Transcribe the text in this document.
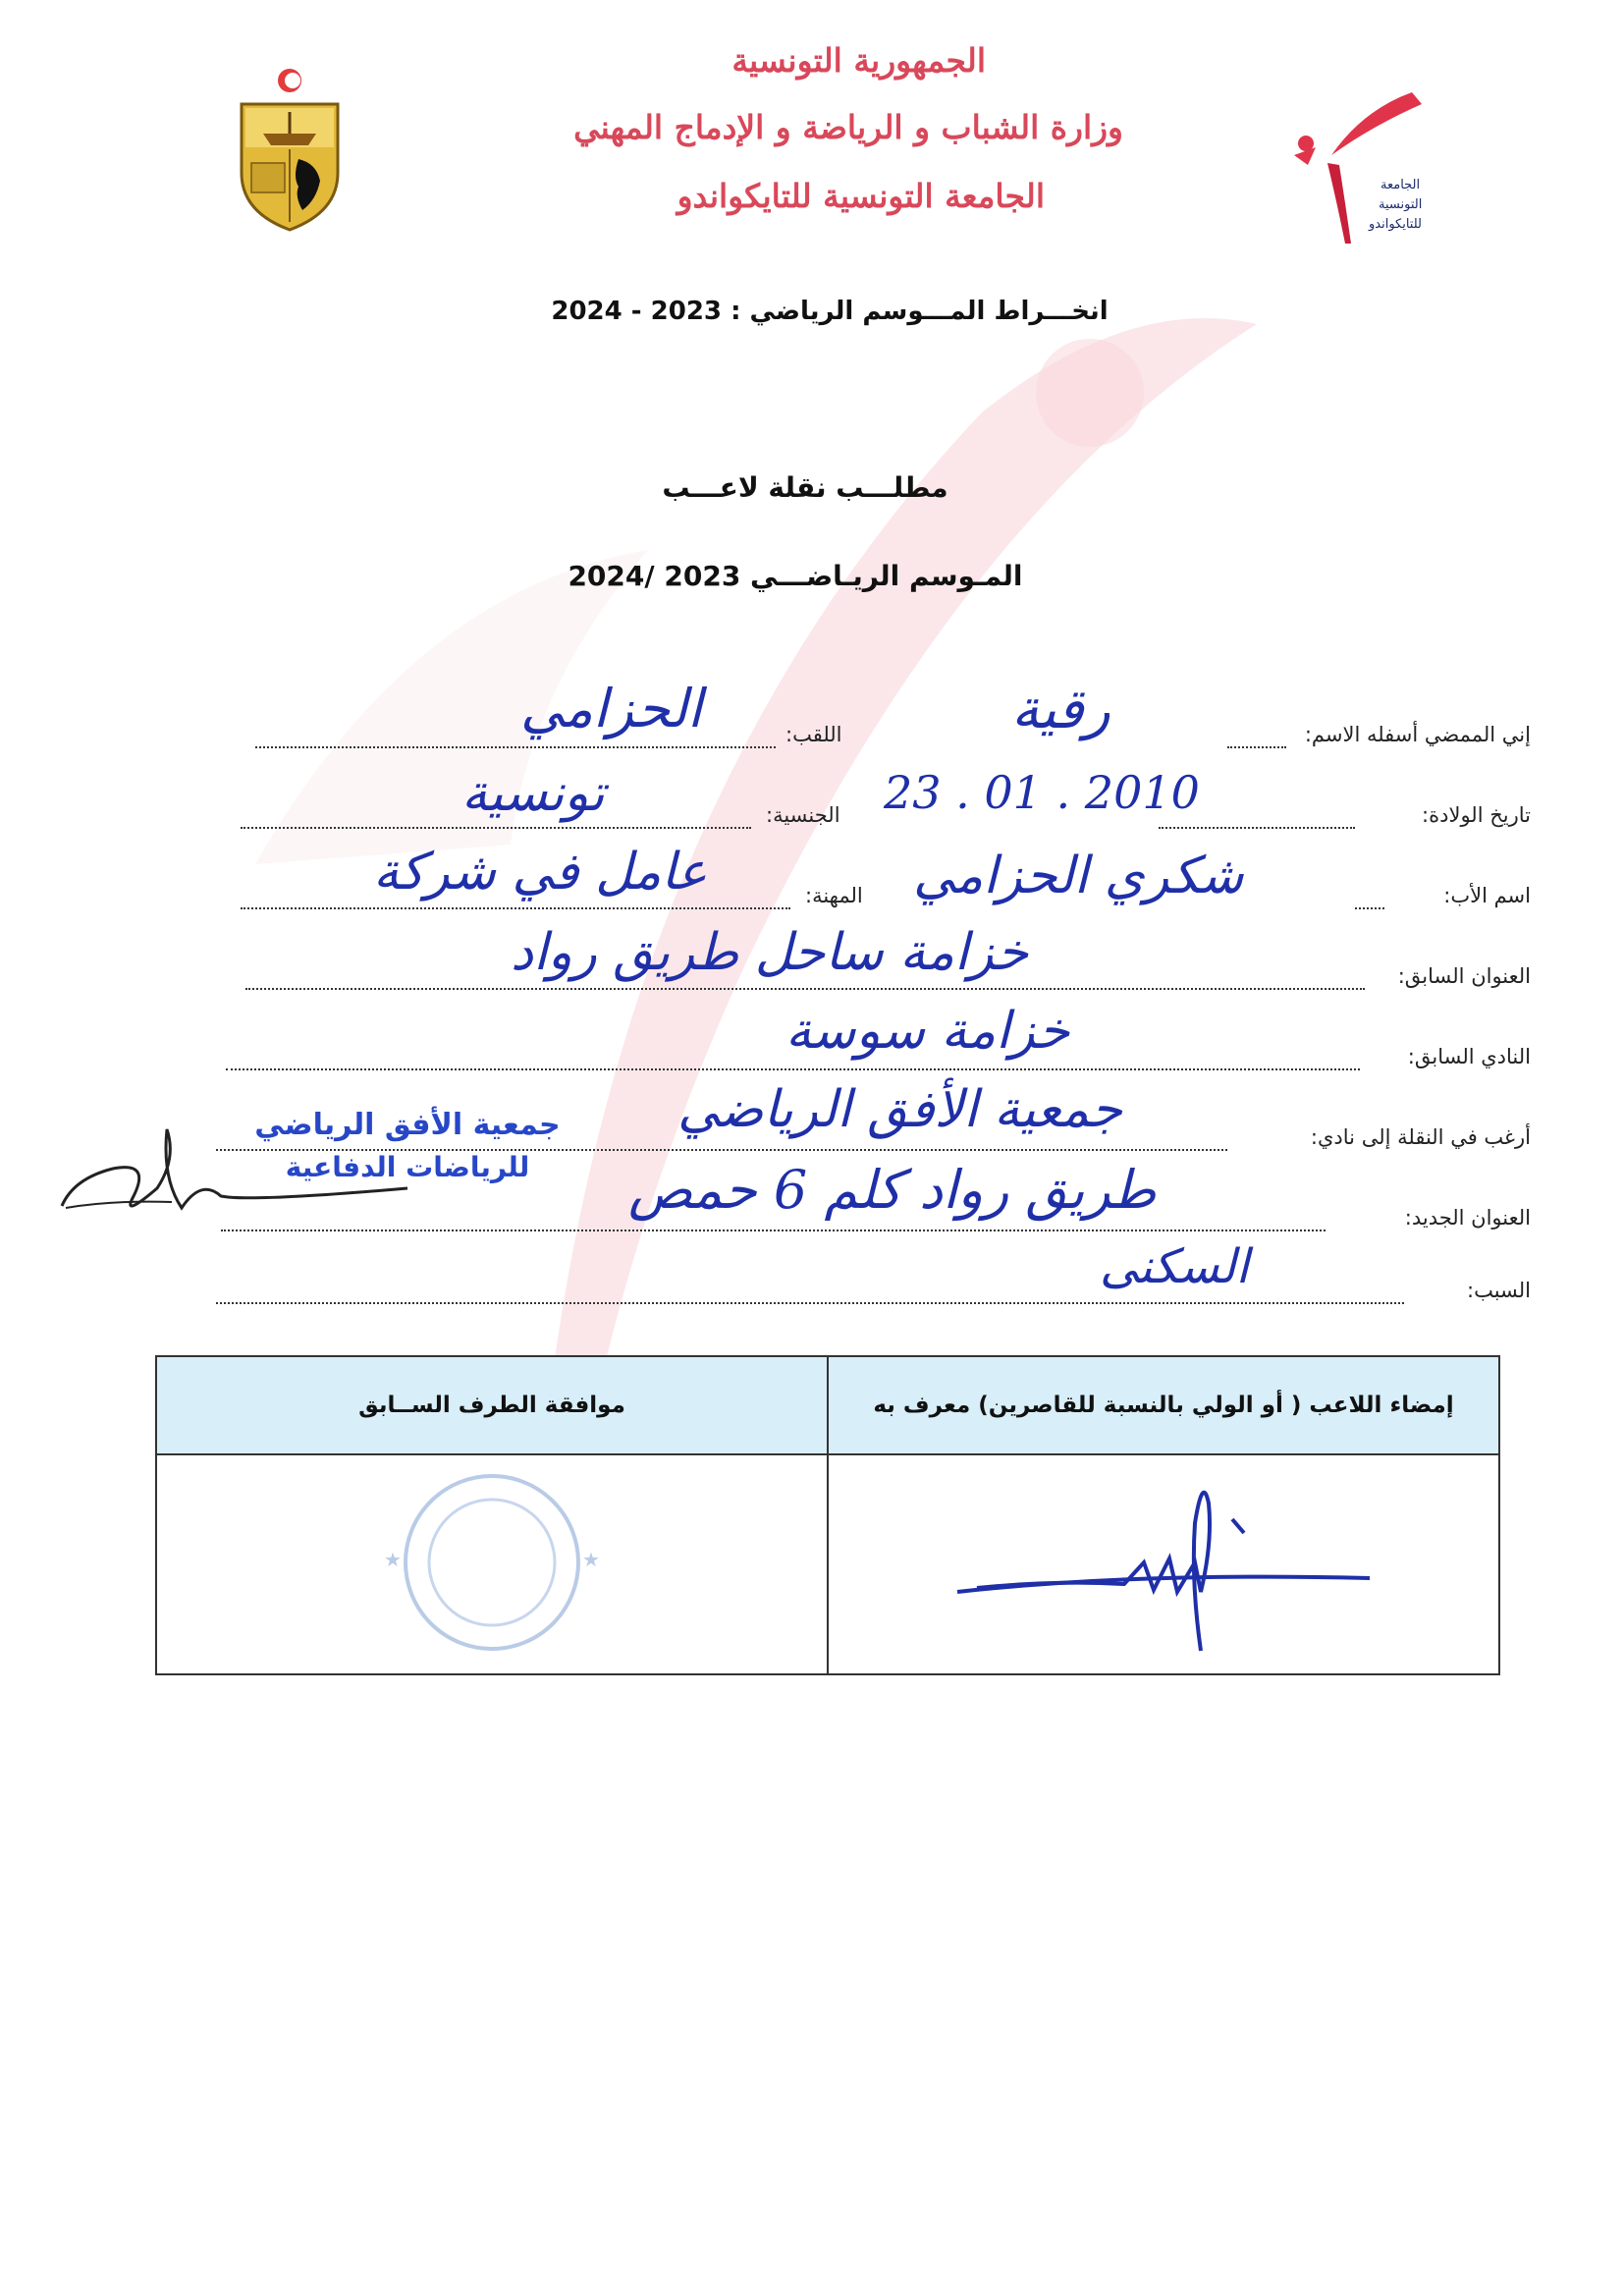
الجامعة
التونسية
للتايكواندو
الجمهورية التونسية
وزارة الشباب و الرياضة و الإدماج المهني
الجامعة التونسية للتايكواندو
انخـــراط المـــوسم الرياضي : 2023 - 2024
مطلـــب نقلة لاعـــب
المـوسم الريـاضـــي 2023 /2024
إني الممضي أسفله الاسم:
رقية
اللقب:
الحزامي
تاريخ الولادة:
23 . 01 . 2010
الجنسية:
تونسية
اسم الأب:
شكري الحزامي
المهنة:
عامل في شركة
العنوان السابق:
خزامة ساحل طريق رواد
النادي السابق:
خزامة سوسة
أرغب في النقلة إلى نادي:
جمعية الأفق الرياضي
العنوان الجديد:
طريق رواد كلم 6 حمص
السبب:
السكنى
جمعية الأفق الرياضي
للرياضات الدفاعية
موافقة الطرف الســابق	إمضاء اللاعب ( أو الولي بالنسبة للقاصرين) معرف به

★ ★
